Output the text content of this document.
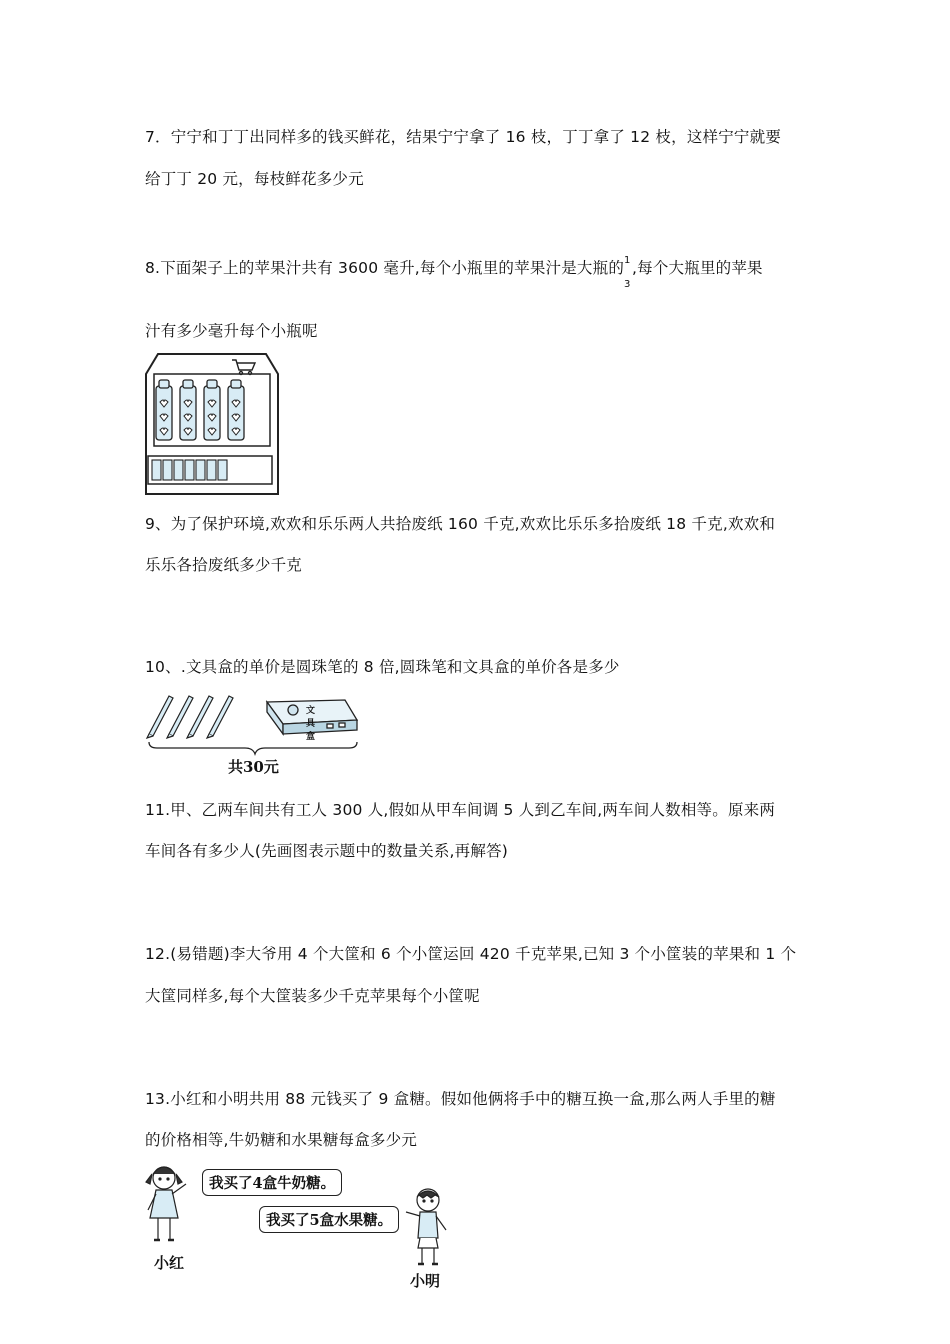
7．宁宁和丁丁出同样多的钱买鲜花，结果宁宁拿了 16 枝，丁丁拿了 12 枝，这样宁宁就要
给丁丁 20 元，每枝鲜花多少元
8.下面架子上的苹果汁共有 3600 毫升,每个小瓶里的苹果汁是大瓶的 1
3
,每个大瓶里的苹果
汁有多少毫升每个小瓶呢
9、为了保护环境,欢欢和乐乐两人共拾废纸 160 千克,欢欢比乐乐多拾废纸 18 千克,欢欢和
乐乐各拾废纸多少千克
10、.文具盒的单价是圆珠笔的 8 倍,圆珠笔和文具盒的单价各是多少
文具盒
共30元
11.甲、乙两车间共有工人 300 人,假如从甲车间调 5 人到乙车间,两车间人数相等。原来两
车间各有多少人(先画图表示题中的数量关系,再解答)
12.(易错题)李大爷用 4 个大筐和 6 个小筐运回 420 千克苹果,已知 3 个小筐装的苹果和 1 个
大筐同样多,每个大筐装多少千克苹果每个小筐呢
13.小红和小明共用 88 元钱买了 9 盒糖。假如他俩将手中的糖互换一盒,那么两人手里的糖
的价格相等,牛奶糖和水果糖每盒多少元
我买了4盒牛奶糖。
小红
我买了5盒水果糖。
小明
